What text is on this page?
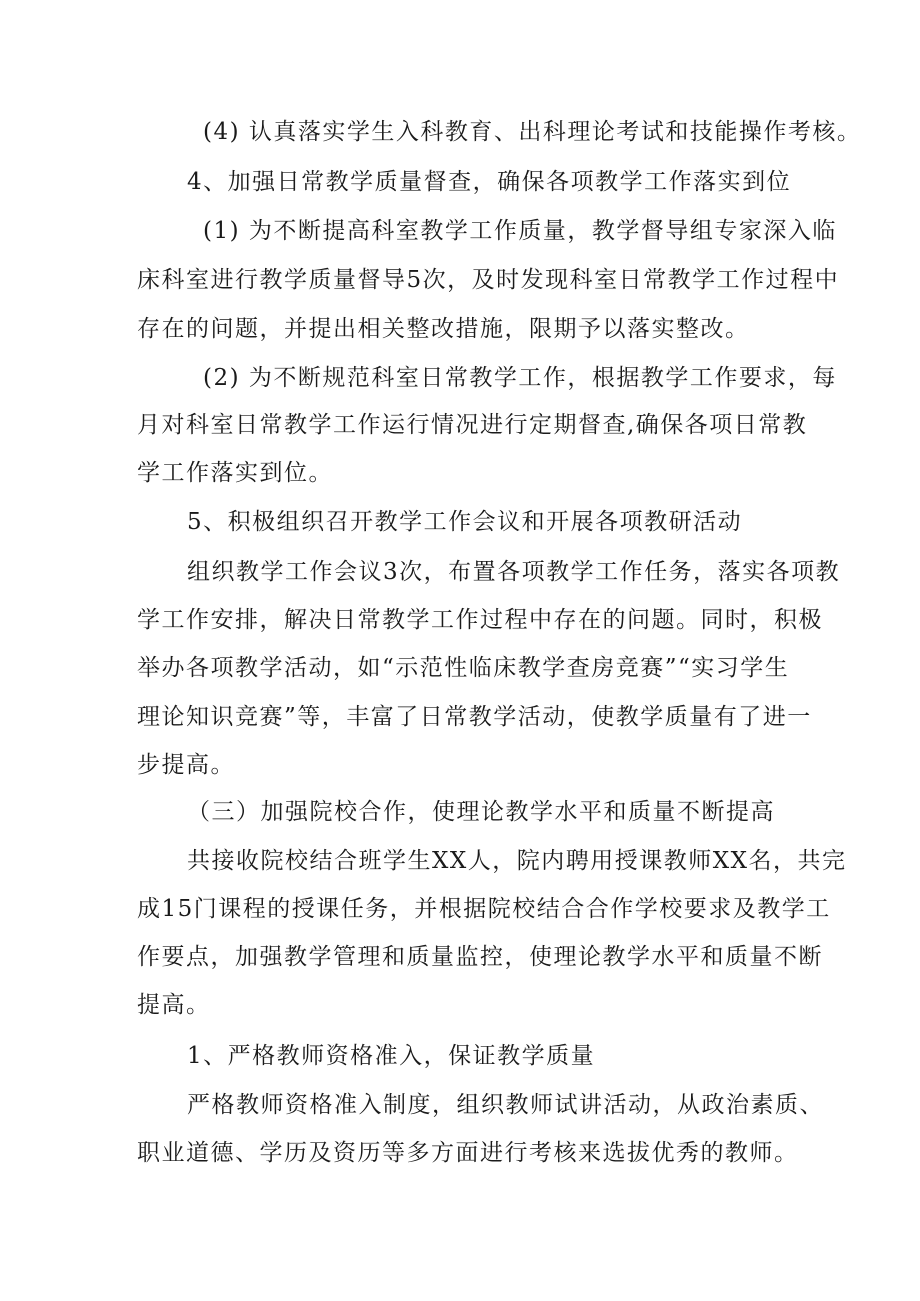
(4) 认真落实学生入科教育、出科理论考试和技能操作考核。
4、加强日常教学质量督查，确保各项教学工作落实到位
(1) 为不断提高科室教学工作质量，教学督导组专家深入临
床科室进行教学质量督导5次，及时发现科室日常教学工作过程中
存在的问题，并提出相关整改措施，限期予以落实整改。
(2) 为不断规范科室日常教学工作，根据教学工作要求，每
月对科室日常教学工作运行情况进行定期督查,确保各项日常教
学工作落实到位。
5、积极组织召开教学工作会议和开展各项教研活动
组织教学工作会议3次，布置各项教学工作任务，落实各项教
学工作安排，解决日常教学工作过程中存在的问题。同时，积极
举办各项教学活动，如“示范性临床教学查房竞赛”“实习学生
理论知识竞赛”等，丰富了日常教学活动，使教学质量有了进一
步提高。
（三）加强院校合作，使理论教学水平和质量不断提高
共接收院校结合班学生XX人，院内聘用授课教师XX名，共完
成15门课程的授课任务，并根据院校结合合作学校要求及教学工
作要点，加强教学管理和质量监控，使理论教学水平和质量不断
提高。
1、严格教师资格准入，保证教学质量
严格教师资格准入制度，组织教师试讲活动，从政治素质、
职业道德、学历及资历等多方面进行考核来选拔优秀的教师。
